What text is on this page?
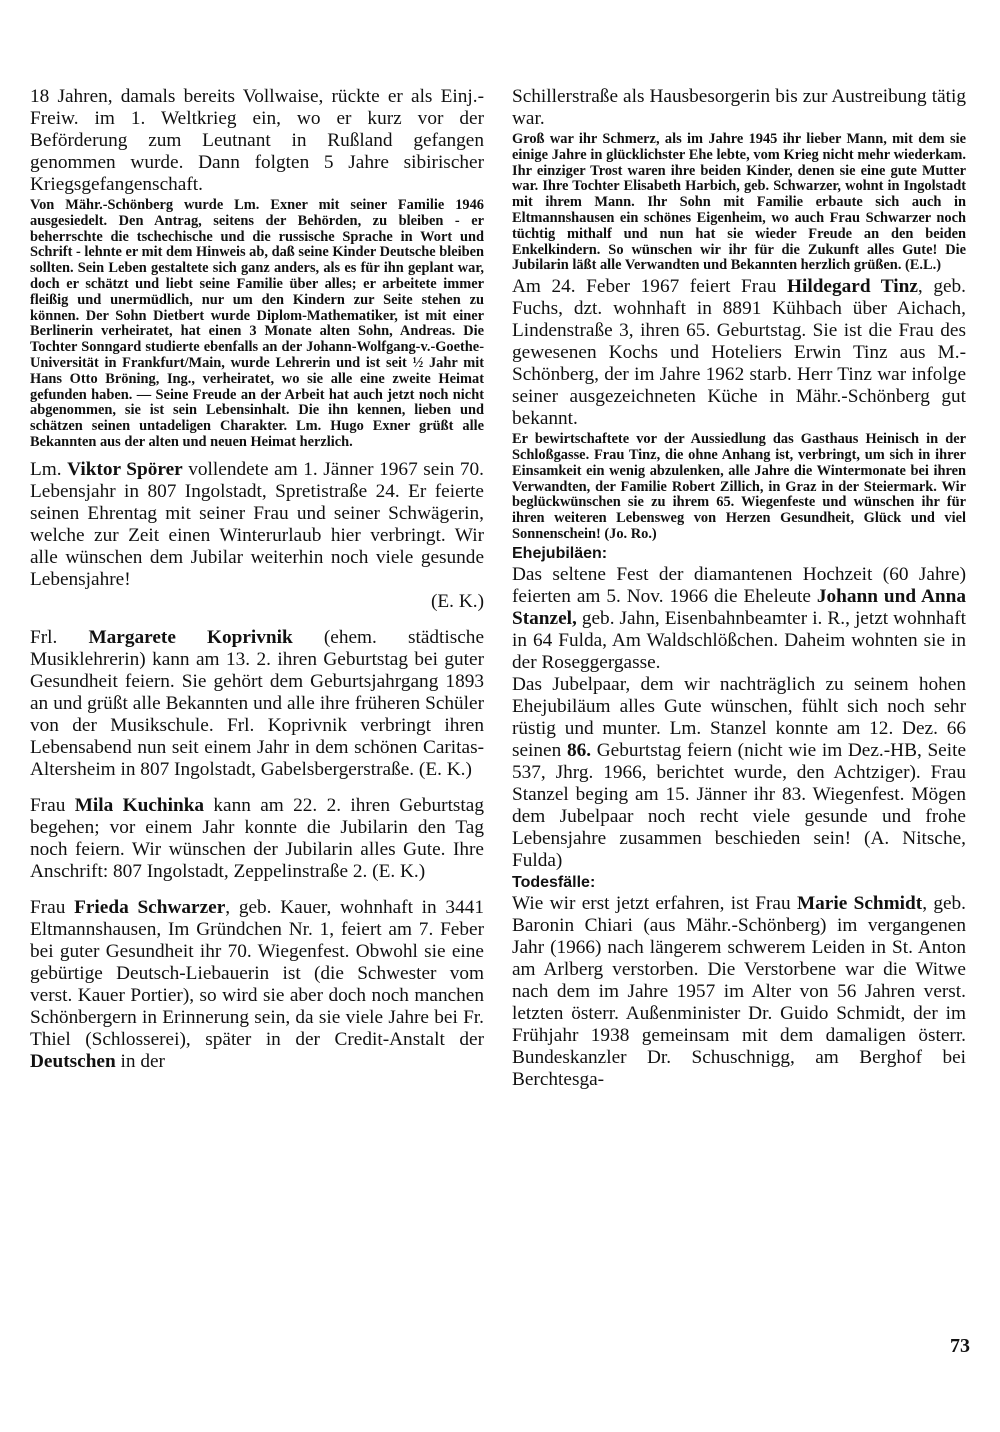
18 Jahren, damals bereits Vollwaise, rückte er als Einj.-Freiw. im 1. Weltkrieg ein, wo er kurz vor der Beförderung zum Leutnant in Rußland gefangen genommen wurde. Dann folgten 5 Jahre sibirischer Kriegsgefangenschaft.

Von Mähr.-Schönberg wurde Lm. Exner mit seiner Familie 1946 ausgesiedelt. Den Antrag, seitens der Behörden, zu bleiben - er beherrschte die tschechische und die russische Sprache in Wort und Schrift - lehnte er mit dem Hinweis ab, daß seine Kinder Deutsche bleiben sollten. Sein Leben gestaltete sich ganz anders, als es für ihn geplant war, doch er schätzt und liebt seine Familie über alles; er arbeitete immer fleißig und unermüdlich, nur um den Kindern zur Seite stehen zu können. Der Sohn Dietbert wurde Diplom-Mathematiker, ist mit einer Berlinerin verheiratet, hat einen 3 Monate alten Sohn, Andreas. Die Tochter Sonngard studierte ebenfalls an der Johann-Wolfgang-v.-Goethe-Universität in Frankfurt/Main, wurde Lehrerin und ist seit ½ Jahr mit Hans Otto Bröning, Ing., verheiratet, wo sie alle eine zweite Heimat gefunden haben. — Seine Freude an der Arbeit hat auch jetzt noch nicht abgenommen, sie ist sein Lebensinhalt. Die ihn kennen, lieben und schätzen seinen untadeligen Charakter. Lm. Hugo Exner grüßt alle Bekannten aus der alten und neuen Heimat herzlich.

Lm. Viktor Spörer vollendete am 1. Jänner 1967 sein 70. Lebensjahr in 807 Ingolstadt, Spretistraße 24. Er feierte seinen Ehrentag mit seiner Frau und seiner Schwägerin, welche zur Zeit einen Winterurlaub hier verbringt. Wir alle wünschen dem Jubilar weiterhin noch viele gesunde Lebensjahre!

(E. K.)

Frl. Margarete Koprivnik (ehem. städtische Musiklehrerin) kann am 13. 2. ihren Geburtstag bei guter Gesundheit feiern. Sie gehört dem Geburtsjahrgang 1893 an und grüßt alle Bekannten und alle ihre früheren Schüler von der Musikschule. Frl. Koprivnik verbringt ihren Lebensabend nun seit einem Jahr in dem schönen Caritas-Altersheim in 807 Ingolstadt, Gabelsbergerstraße. (E. K.)

Frau Mila Kuchinka kann am 22. 2. ihren Geburtstag begehen; vor einem Jahr konnte die Jubilarin den Tag noch feiern. Wir wünschen der Jubilarin alles Gute. Ihre Anschrift: 807 Ingolstadt, Zeppelinstraße 2. (E. K.)

Frau Frieda Schwarzer, geb. Kauer, wohnhaft in 3441 Eltmannshausen, Im Gründchen Nr. 1, feiert am 7. Feber bei guter Gesundheit ihr 70. Wiegenfest. Obwohl sie eine gebürtige Deutsch-Liebauerin ist (die Schwester vom verst. Kauer Portier), so wird sie aber doch noch manchen Schönbergern in Erinnerung sein, da sie viele Jahre bei Fr. Thiel (Schlosserei), später in der Credit-Anstalt der Deutschen in der

Schillerstraße als Hausbesorgerin bis zur Austreibung tätig war.

Groß war ihr Schmerz, als im Jahre 1945 ihr lieber Mann, mit dem sie einige Jahre in glücklichster Ehe lebte, vom Krieg nicht mehr wiederkam. Ihr einziger Trost waren ihre beiden Kinder, denen sie eine gute Mutter war. Ihre Tochter Elisabeth Harbich, geb. Schwarzer, wohnt in Ingolstadt mit ihrem Mann. Ihr Sohn mit Familie erbaute sich auch in Eltmannshausen ein schönes Eigenheim, wo auch Frau Schwarzer noch tüchtig mithalf und nun hat sie wieder Freude an den beiden Enkelkindern. So wünschen wir ihr für die Zukunft alles Gute! Die Jubilarin läßt alle Verwandten und Bekannten herzlich grüßen. (E.L.)

Am 24. Feber 1967 feiert Frau Hildegard Tinz, geb. Fuchs, dzt. wohnhaft in 8891 Kühbach über Aichach, Lindenstraße 3, ihren 65. Geburtstag. Sie ist die Frau des gewesenen Kochs und Hoteliers Erwin Tinz aus M.-Schönberg, der im Jahre 1962 starb. Herr Tinz war infolge seiner ausgezeichneten Küche in Mähr.-Schönberg gut bekannt.

Er bewirtschaftete vor der Aussiedlung das Gasthaus Heinisch in der Schloßgasse. Frau Tinz, die ohne Anhang ist, verbringt, um sich in ihrer Einsamkeit ein wenig abzulenken, alle Jahre die Wintermonate bei ihren Verwandten, der Familie Robert Zillich, in Graz in der Steiermark. Wir beglückwünschen sie zu ihrem 65. Wiegenfeste und wünschen ihr für ihren weiteren Lebensweg von Herzen Gesundheit, Glück und viel Sonnenschein! (Jo. Ro.)

Ehejubiläen:

Das seltene Fest der diamantenen Hochzeit (60 Jahre) feierten am 5. Nov. 1966 die Eheleute Johann und Anna Stanzel, geb. Jahn, Eisenbahnbeamter i. R., jetzt wohnhaft in 64 Fulda, Am Waldschlößchen. Daheim wohnten sie in der Roseggergasse.

Das Jubelpaar, dem wir nachträglich zu seinem hohen Ehejubiläum alles Gute wünschen, fühlt sich noch sehr rüstig und munter. Lm. Stanzel konnte am 12. Dez. 66 seinen 86. Geburtstag feiern (nicht wie im Dez.-HB, Seite 537, Jhrg. 1966, berichtet wurde, den Achtziger). Frau Stanzel beging am 15. Jänner ihr 83. Wiegenfest. Mögen dem Jubelpaar noch recht viele gesunde und frohe Lebensjahre zusammen beschieden sein! (A. Nitsche, Fulda)

Todesfälle:

Wie wir erst jetzt erfahren, ist Frau Marie Schmidt, geb. Baronin Chiari (aus Mähr.-Schönberg) im vergangenen Jahr (1966) nach längerem schwerem Leiden in St. Anton am Arlberg verstorben. Die Verstorbene war die Witwe nach dem im Jahre 1957 im Alter von 56 Jahren verst. letzten österr. Außenminister Dr. Guido Schmidt, der im Frühjahr 1938 gemeinsam mit dem damaligen österr. Bundeskanzler Dr. Schuschnigg, am Berghof bei Berchtesga-

73
